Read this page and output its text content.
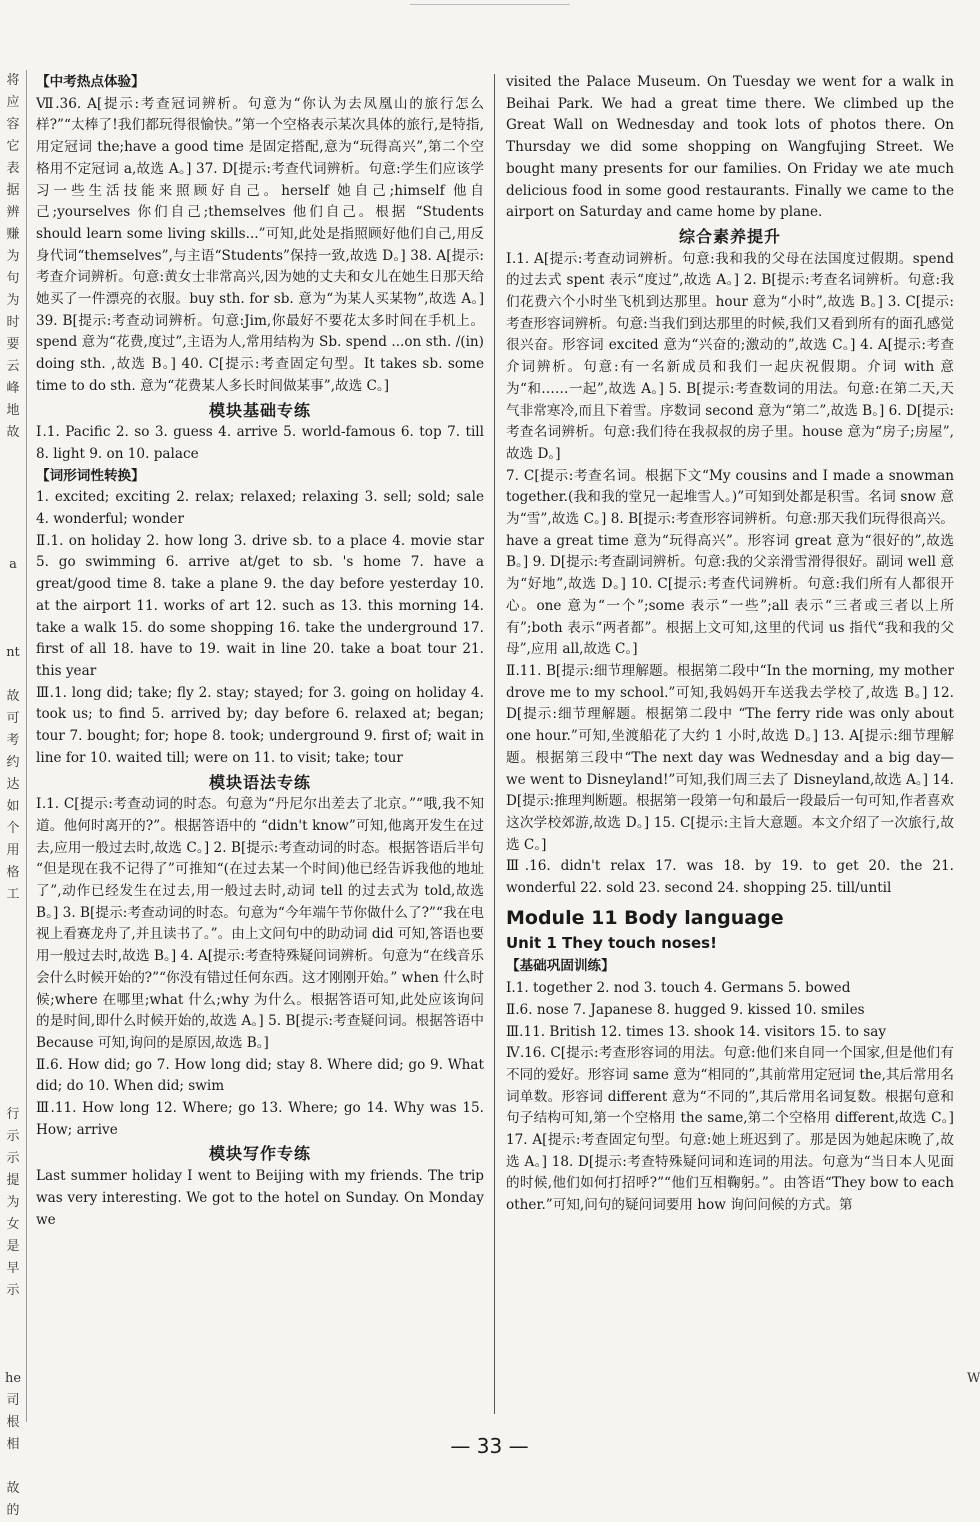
将
应
容
它
表
据
辨
赚
为
句
为
时
要
云
峰
地
故

a

nt

故
可
考
约
达
如
个
用
格
工

行
示
示
提
为
女
是
早
示

he
司
根
相

故
的

W

【中考热点体验】

Ⅶ.36. A[提示:考查冠词辨析。句意为“你认为去凤凰山的旅行怎么样?”“太棒了!我们都玩得很愉快。”第一个空格表示某次具体的旅行,是特指,用定冠词 the;have a good time 是固定搭配,意为“玩得高兴”,第二个空格用不定冠词 a,故选 A。] 37. D[提示:考查代词辨析。句意:学生们应该学习一些生活技能来照顾好自己。herself 她自己;himself 他自己;yourselves 你们自己;themselves 他们自己。根据 “Students should learn some living skills...”可知,此处是指照顾好他们自己,用反身代词“themselves”,与主语“Students”保持一致,故选 D。] 38. A[提示:考查介词辨析。句意:黄女士非常高兴,因为她的丈夫和女儿在她生日那天给她买了一件漂亮的衣服。buy sth. for sb. 意为“为某人买某物”,故选 A。] 39. B[提示:考查动词辨析。句意:Jim,你最好不要花太多时间在手机上。spend 意为“花费,度过”,主语为人,常用结构为 Sb. spend ...on sth. /(in) doing sth. ,故选 B。] 40. C[提示:考查固定句型。It takes sb. some time to do sth. 意为“花费某人多长时间做某事”,故选 C。]

模块基础专练

Ⅰ.1. Pacific 2. so 3. guess 4. arrive 5. world-famous 6. top 7. till 8. light 9. on 10. palace

【词形词性转换】

1. excited; exciting 2. relax; relaxed; relaxing 3. sell; sold; sale 4. wonderful; wonder

Ⅱ.1. on holiday 2. how long 3. drive sb. to a place 4. movie star 5. go swimming 6. arrive at/get to sb. 's home 7. have a great/good time 8. take a plane 9. the day before yesterday 10. at the airport 11. works of art 12. such as 13. this morning 14. take a walk 15. do some shopping 16. take the underground 17. first of all 18. have to 19. wait in line 20. take a boat tour 21. this year

Ⅲ.1. long did; take; fly 2. stay; stayed; for 3. going on holiday 4. took us; to find 5. arrived by; day before 6. relaxed at; began; tour 7. bought; for; hope 8. took; underground 9. first of; wait in line for 10. waited till; were on 11. to visit; take; tour

模块语法专练

Ⅰ.1. C[提示:考查动词的时态。句意为“丹尼尔出差去了北京。”“哦,我不知道。他何时离开的?”。根据答语中的 “didn't know”可知,他离开发生在过去,应用一般过去时,故选 C。] 2. B[提示:考查动词的时态。根据答语后半句 “但是现在我不记得了”可推知“(在过去某一个时间)他已经告诉我他的地址了”,动作已经发生在过去,用一般过去时,动词 tell 的过去式为 told,故选 B。] 3. B[提示:考查动词的时态。句意为“今年端午节你做什么了?”“我在电视上看赛龙舟了,并且读书了。”。由上文问句中的助动词 did 可知,答语也要用一般过去时,故选 B。] 4. A[提示:考查特殊疑问词辨析。句意为“在线音乐会什么时候开始的?”“你没有错过任何东西。这才刚刚开始。” when 什么时候;where 在哪里;what 什么;why 为什么。根据答语可知,此处应该询问的是时间,即什么时候开始的,故选 A。] 5. B[提示:考查疑问词。根据答语中 Because 可知,询问的是原因,故选 B。]

Ⅱ.6. How did; go 7. How long did; stay 8. Where did; go 9. What did; do 10. When did; swim

Ⅲ.11. How long 12. Where; go 13. Where; go 14. Why was 15. How; arrive

模块写作专练

Last summer holiday I went to Beijing with my friends. The trip was very interesting. We got to the hotel on Sunday. On Monday we

visited the Palace Museum. On Tuesday we went for a walk in Beihai Park. We had a great time there. We climbed up the Great Wall on Wednesday and took lots of photos there. On Thursday we did some shopping on Wangfujing Street. We bought many presents for our families. On Friday we ate much delicious food in some good restaurants. Finally we came to the airport on Saturday and came home by plane.

综合素养提升

Ⅰ.1. A[提示:考查动词辨析。句意:我和我的父母在法国度过假期。spend 的过去式 spent 表示“度过”,故选 A。] 2. B[提示:考查名词辨析。句意:我们花费六个小时坐飞机到达那里。hour 意为“小时”,故选 B。] 3. C[提示:考查形容词辨析。句意:当我们到达那里的时候,我们又看到所有的面孔感觉很兴奋。形容词 excited 意为“兴奋的;激动的”,故选 C。] 4. A[提示:考查介词辨析。句意:有一名新成员和我们一起庆祝假期。介词 with 意为“和……一起”,故选 A。] 5. B[提示:考查数词的用法。句意:在第二天,天气非常寒冷,而且下着雪。序数词 second 意为“第二”,故选 B。] 6. D[提示:考查名词辨析。句意:我们待在我叔叔的房子里。house 意为“房子;房屋”,故选 D。]

7. C[提示:考查名词。根据下文“My cousins and I made a snowman together.(我和我的堂兄一起堆雪人。)”可知到处都是积雪。名词 snow 意为“雪”,故选 C。] 8. B[提示:考查形容词辨析。句意:那天我们玩得很高兴。have a great time 意为“玩得高兴”。形容词 great 意为“很好的”,故选 B。] 9. D[提示:考查副词辨析。句意:我的父亲滑雪滑得很好。副词 well 意为“好地”,故选 D。] 10. C[提示:考查代词辨析。句意:我们所有人都很开心。one 意为“一个”;some 表示“一些”;all 表示“三者或三者以上所有”;both 表示“两者都”。根据上文可知,这里的代词 us 指代“我和我的父母”,应用 all,故选 C。]

Ⅱ.11. B[提示:细节理解题。根据第二段中“In the morning, my mother drove me to my school.”可知,我妈妈开车送我去学校了,故选 B。] 12. D[提示:细节理解题。根据第二段中 “The ferry ride was only about one hour.”可知,坐渡船花了大约 1 小时,故选 D。] 13. A[提示:细节理解题。根据第三段中“The next day was Wednesday and a big day—we went to Disneyland!”可知,我们周三去了 Disneyland,故选 A。] 14. D[提示:推理判断题。根据第一段第一句和最后一段最后一句可知,作者喜欢这次学校郊游,故选 D。] 15. C[提示:主旨大意题。本文介绍了一次旅行,故选 C。]

Ⅲ.16. didn't relax 17. was 18. by 19. to get 20. the 21. wonderful 22. sold 23. second 24. shopping 25. till/until

Module 11 Body language

Unit 1 They touch noses!

【基础巩固训练】

Ⅰ.1. together 2. nod 3. touch 4. Germans 5. bowed

Ⅱ.6. nose 7. Japanese 8. hugged 9. kissed 10. smiles

Ⅲ.11. British 12. times 13. shook 14. visitors 15. to say

Ⅳ.16. C[提示:考查形容词的用法。句意:他们来自同一个国家,但是他们有不同的爱好。形容词 same 意为“相同的”,其前常用定冠词 the,其后常用名词单数。形容词 different 意为“不同的”,其后常用名词复数。根据句意和句子结构可知,第一个空格用 the same,第二个空格用 different,故选 C。] 17. A[提示:考查固定句型。句意:她上班迟到了。那是因为她起床晚了,故选 A。] 18. D[提示:考查特殊疑问词和连词的用法。句意为“当日本人见面的时候,他们如何打招呼?”“他们互相鞠躬。”。由答语“They bow to each other.”可知,问句的疑问词要用 how 询问问候的方式。第

— 33 —
